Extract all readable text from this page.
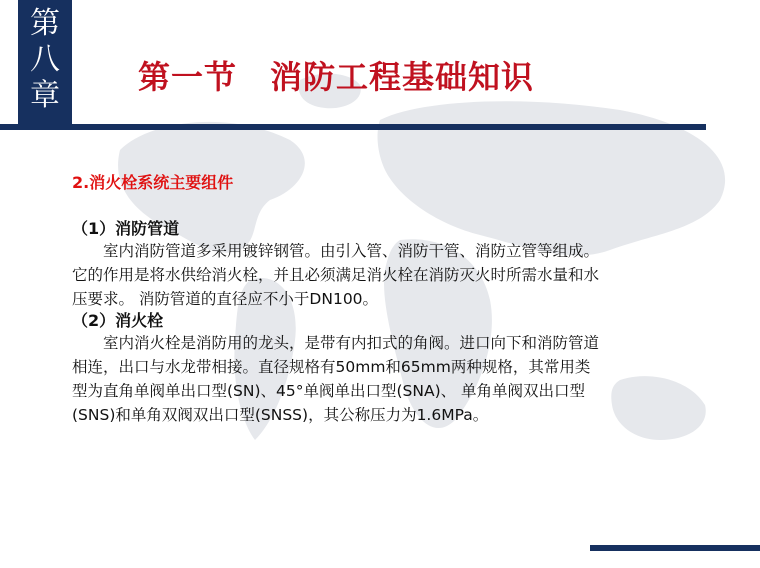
第
八
章	第一节　消防工程基础知识
2.消火栓系统主要组件
（1）消防管道

室内消防管道多采用镀锌钢管。由引入管、消防干管、消防立管等组成。它的作用是将水供给消火栓，并且必须满足消火栓在消防灭火时所需水量和水压要求。 消防管道的直径应不小于DN100。

（2）消火栓

室内消火栓是消防用的龙头，是带有内扣式的角阀。进口向下和消防管道相连，出口与水龙带相接。直径规格有50mm和65mm两种规格，其常用类型为直角单阀单出口型(SN)、45°单阀单出口型(SNA)、 单角单阀双出口型(SNS)和单角双阀双出口型(SNSS)，其公称压力为1.6MPa。
